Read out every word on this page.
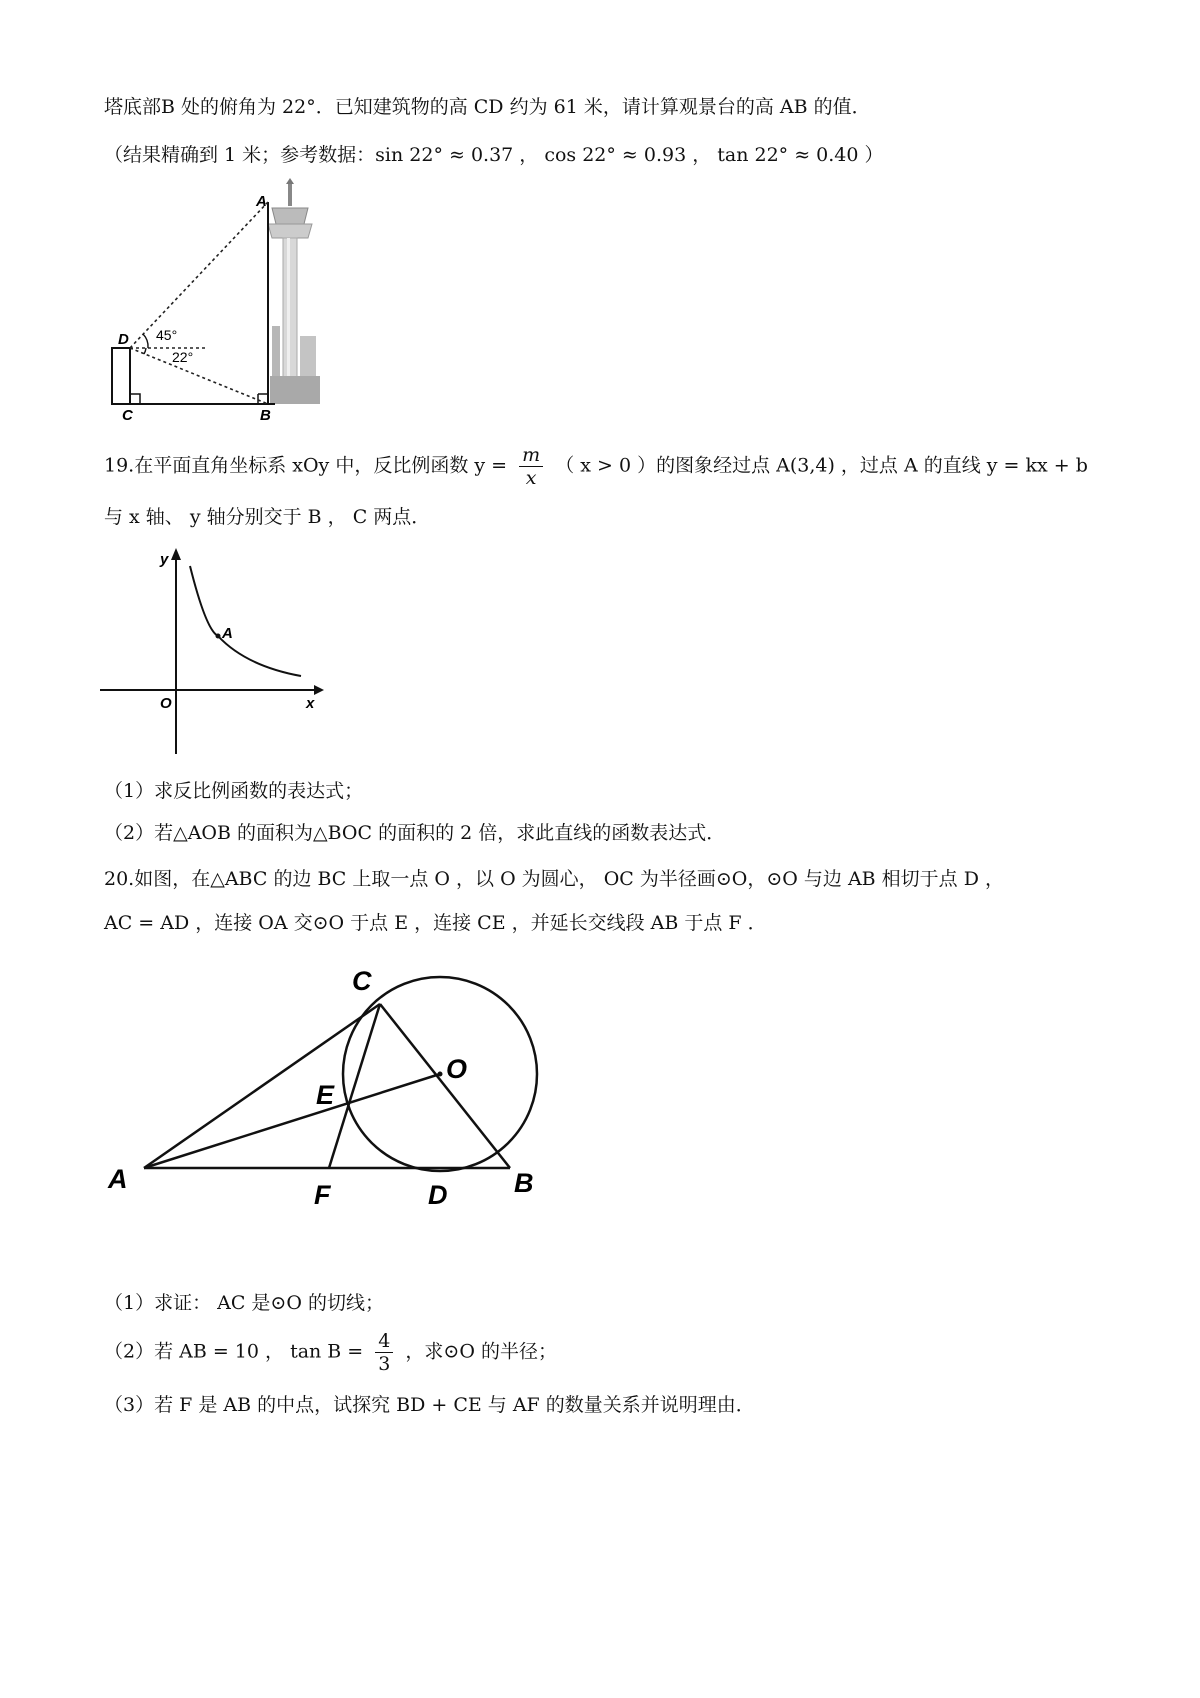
塔底部B 处的俯角为 22°．已知建筑物的高 CD 约为 61 米，请计算观景台的高 AB 的值．
（结果精确到 1 米；参考数据：sin 22° ≈ 0.37 ， cos 22° ≈ 0.93 ， tan 22° ≈ 0.40 ）
A
B
C
D 45°
22°
19.在平面直角坐标系 xOy 中，反比例函数 $y = \frac{m}{x}$ （ x > 0 ）的图象经过点 A(3,4) ，过点 A 的直线 y = kx + b
与 x 轴、 y 轴分别交于 B ， C 两点．
y
x
O
A
（1）求反比例函数的表达式；
（2）若△AOB 的面积为△BOC 的面积的 2 倍，求此直线的函数表达式．
20.如图，在△ABC 的边 BC 上取一点 O ，以 O 为圆心， OC 为半径画⊙O，⊙O 与边 AB 相切于点 D ，
AC = AD ，连接 OA 交⊙O 于点 E ，连接 CE ，并延长交线段 AB 于点 F ．
C
O
E
A
F	D B
（1）求证： AC 是⊙O 的切线；
（2）若 AB = 10 ， $\tan B = \frac{4}{3}$ ，求⊙O 的半径；
（3）若 F 是 AB 的中点，试探究 BD + CE 与 AF 的数量关系并说明理由．
